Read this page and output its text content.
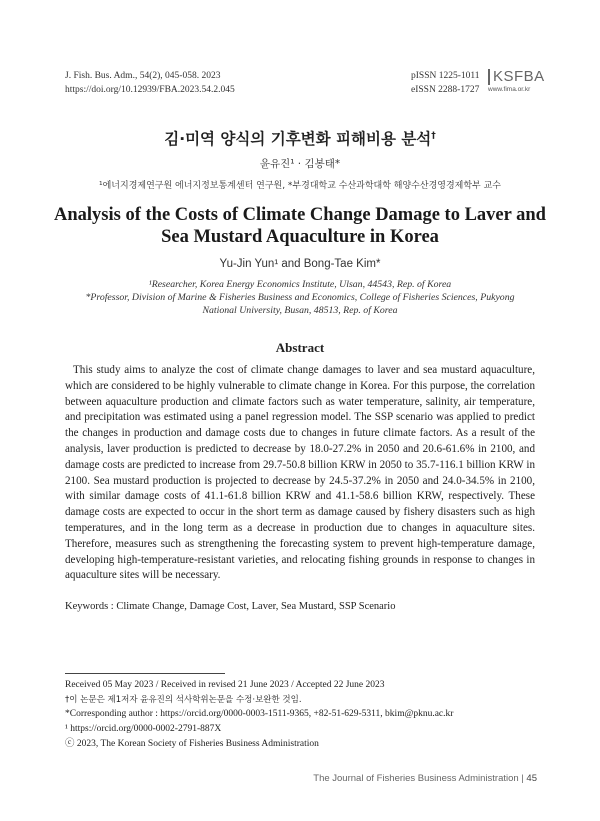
J. Fish. Bus. Adm., 54(2), 045-058. 2023
https://doi.org/10.12939/FBA.2023.54.2.045
pISSN 1225-1011
eISSN 2288-1727
KSFBA
www.fima.or.kr
김·미역 양식의 기후변화 피해비용 분석†
윤유진¹ · 김봉태*
¹에너지경제연구원 에너지정보통계센터 연구원, *부경대학교 수산과학대학 해양수산경영경제학부 교수
Analysis of the Costs of Climate Change Damage to Laver and
Sea Mustard Aquaculture in Korea
Yu-Jin Yun¹ and Bong-Tae Kim*
¹Researcher, Korea Energy Economics Institute, Ulsan, 44543, Rep. of Korea
*Professor, Division of Marine & Fisheries Business and Economics, College of Fisheries Sciences, Pukyong National University, Busan, 48513, Rep. of Korea
Abstract
This study aims to analyze the cost of climate change damages to laver and sea mustard aquaculture, which are considered to be highly vulnerable to climate change in Korea. For this purpose, the correlation between aquaculture production and climate factors such as water temperature, salinity, air temperature, and precipitation was estimated using a panel regression model. The SSP scenario was applied to predict the changes in production and damage costs due to changes in future climate factors. As a result of the analysis, laver production is predicted to decrease by 18.0-27.2% in 2050 and 20.6-61.6% in 2100, and damage costs are predicted to increase from 29.7-50.8 billion KRW in 2050 to 35.7-116.1 billion KRW in 2100. Sea mustard production is projected to decrease by 24.5-37.2% in 2050 and 24.0-34.5% in 2100, with similar damage costs of 41.1-61.8 billion KRW and 41.1-58.6 billion KRW, respectively. These damage costs are expected to occur in the short term as damage caused by fishery disasters such as high temperatures, and in the long term as a decrease in production due to changes in aquaculture sites. Therefore, measures such as strengthening the forecasting system to prevent high-temperature damage, developing high-temperature-resistant varieties, and relocating fishing grounds in response to changes in aquaculture sites will be necessary.
Keywords : Climate Change, Damage Cost, Laver, Sea Mustard, SSP Scenario
Received 05 May 2023 / Received in revised 21 June 2023 / Accepted 22 June 2023
†이 논문은 제1저자 윤유진의 석사학위논문을 수정·보완한 것임.
*Corresponding author : https://orcid.org/0000-0003-1511-9365, +82-51-629-5311, bkim@pknu.ac.kr
¹ https://orcid.org/0000-0002-2791-887X
ⓒ 2023, The Korean Society of Fisheries Business Administration
The Journal of Fisheries Business Administration | 45
